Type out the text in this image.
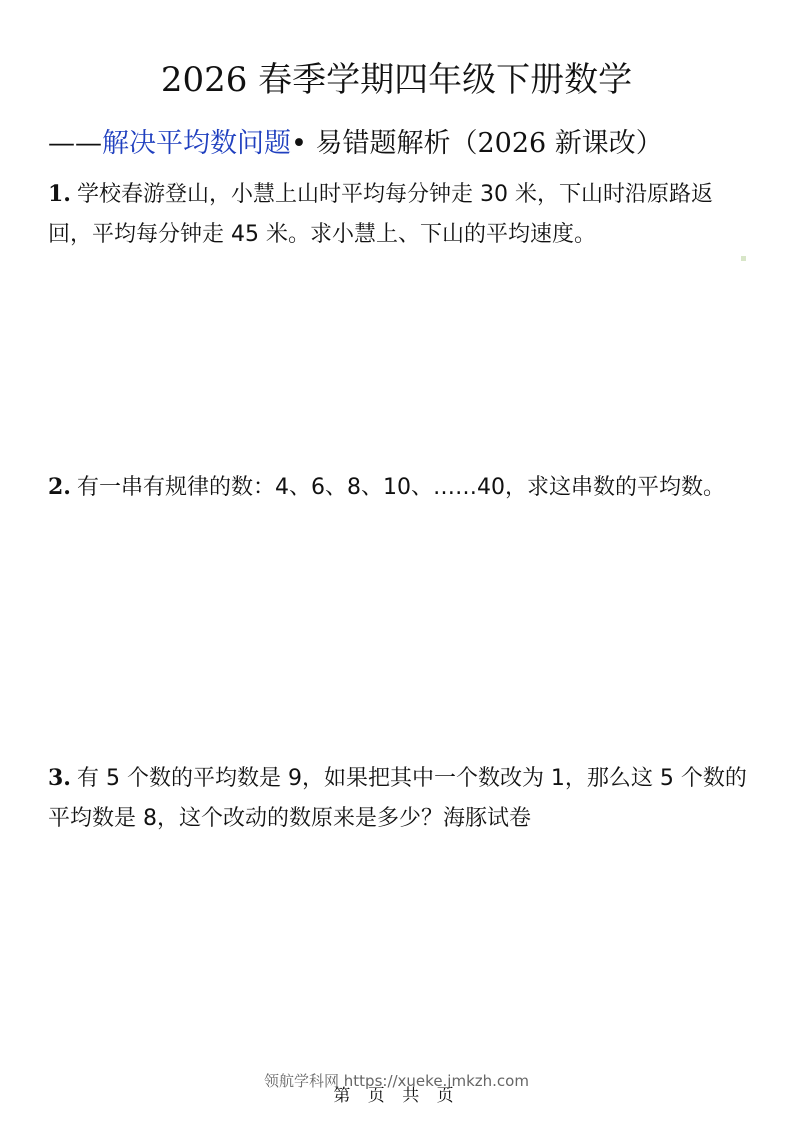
2026 春季学期四年级下册数学
——解决平均数问题• 易错题解析（2026 新课改）
1. 学校春游登山，小慧上山时平均每分钟走 30 米，下山时沿原路返回，平均每分钟走 45 米。求小慧上、下山的平均速度。
2. 有一串有规律的数：4、6、8、10、……40，求这串数的平均数。
3. 有 5 个数的平均数是 9，如果把其中一个数改为 1，那么这 5 个数的平均数是 8，这个改动的数原来是多少？海豚试卷
领航学科网 https://xueke.jmkzh.com
第 页 共 页
